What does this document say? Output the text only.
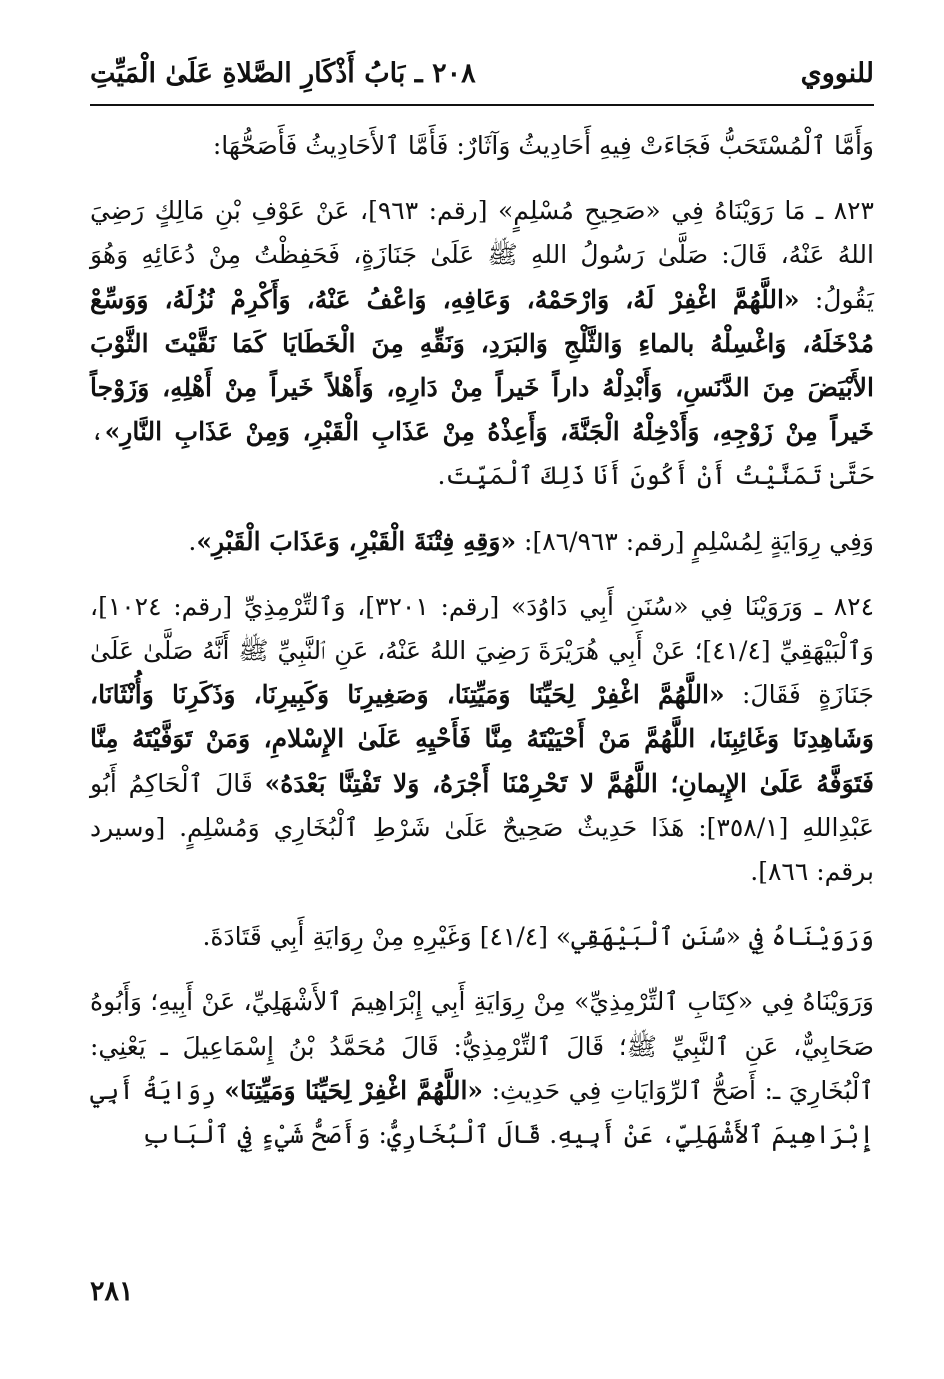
للنووي
٢٠٨ ـ بَابُ أَذْكَارِ الصَّلاةِ عَلَىٰ الْمَيِّتِ

وَأَمَّا ٱلْمُسْتَحَبُّ فَجَاءَتْ فِيهِ أَحَادِيثُ وَآثَارٌ: فَأَمَّا ٱلأَحَادِيثُ فَأَصَحُّهَا:

٨٢٣ ـ مَا رَوَيْنَاهُ فِي «صَحِيحِ مُسْلِمٍ» [رقم: ٩٦٣]، عَنْ عَوْفِ بْنِ مَالِكٍ رَضِيَ اللهُ عَنْهُ، قَالَ: صَلَّىٰ رَسُولُ اللهِ ﷺ عَلَىٰ جَنَازَةٍ، فَحَفِظْتُ مِنْ دُعَائِهِ وَهُوَ يَقُولُ: «اللَّهُمَّ اغْفِرْ لَهُ، وَارْحَمْهُ، وَعَافِهِ، وَاعْفُ عَنْهُ، وَأَكْرِمْ نُزُلَهُ، وَوَسِّعْ مُدْخَلَهُ، وَاغْسِلْهُ بالماءِ وَالثَّلْجِ وَالبَرَدِ، وَنَقِّهِ مِنَ الْخَطَايَا كَمَا نَقَّيْتَ الثَّوْبَ الأَبْيَضَ مِنَ الدَّنَسِ، وَأَبْدِلْهُ داراً خَيراً مِنْ دَارِهِ، وَأَهْلاً خَيراً مِنْ أَهْلِهِ، وَزَوْجاً خَيراً مِنْ زَوْجِهِ، وَأَدْخِلْهُ الْجَنَّةَ، وَأَعِذْهُ مِنْ عَذَابِ الْقَبْرِ، وَمِنْ عَذَابِ النَّارِ»، حَتَّىٰ تَمَنَّيْتُ أَنْ أَكُونَ أَنَا ذَلِكَ ٱلْمَيِّتَ.

وَفِي رِوَايَةٍ لِمُسْلِمٍ [رقم: ٨٦/٩٦٣]: «وَقِهِ فِتْنَةَ الْقَبْرِ، وَعَذَابَ الْقَبْرِ».

٨٢٤ ـ وَرَوَيْنَا فِي «سُنَنِ أَبِي دَاوُدَ» [رقم: ٣٢٠١]، وَٱلتِّرْمِذِيِّ [رقم: ١٠٢٤]، وَٱلْبَيْهَقِيِّ [٤١/٤]؛ عَنْ أَبِي هُرَيْرَةَ رَضِيَ اللهُ عَنْهُ، عَنِ ٱلنَّبِيِّ ﷺ أَنَّهُ صَلَّىٰ عَلَىٰ جَنَازَةٍ فَقَالَ: «اللَّهُمَّ اغْفِرْ لِحَيِّنَا وَمَيِّتِنَا، وَصَغِيرِنَا وَكَبِيرِنَا، وَذَكَرِنَا وَأُنْثَانَا، وَشَاهِدِنَا وَغَائِبِنَا، اللَّهُمَّ مَنْ أَحْيَيْتَهُ مِنَّا فَأَحْيِهِ عَلَىٰ الإِسْلامِ، وَمَنْ تَوَفَّيْتَهُ مِنَّا فَتَوَفَّهُ عَلَىٰ الإِيمانِ؛ اللَّهُمَّ لا تَحْرِمْنَا أَجْرَهُ، وَلا تَفْتِنَّا بَعْدَهُ» قَالَ ٱلْحَاكِمُ أَبُو عَبْدِاللهِ [٣٥٨/١]: هَذَا حَدِيثٌ صَحِيحٌ عَلَىٰ شَرْطِ ٱلْبُخَارِي وَمُسْلِمٍ. [وسيرد برقم: ٨٦٦].

وَرَوَيْنَاهُ فِي «سُنَنِ ٱلْبَيْهَقِي» [٤١/٤] وَغَيْرِهِ مِنْ رِوَايَةِ أَبِي قَتَادَةَ.

وَرَوَيْنَاهُ فِي «كِتَابِ ٱلتِّرْمِذِيِّ» مِنْ رِوَايَةِ أَبِي إِبْرَاهِيمَ ٱلأَشْهَلِيِّ، عَنْ أَبِيهِ؛ وَأَبُوهُ صَحَابِيٌّ، عَنِ ٱلنَّبِيِّ ﷺ؛ قَالَ ٱلتِّرْمِذِيُّ: قَالَ مُحَمَّدُ بْنُ إِسْمَاعِيلَ ـ يَعْنِي: ٱلْبُخَارِيَ ـ: أَصَحُّ ٱلرِّوَايَاتِ فِي حَدِيثِ: «اللَّهُمَّ اغْفِرْ لِحَيِّنَا وَمَيِّتِنَا» رِوَايَةُ أَبِي إِبْرَاهِيمَ ٱلأَشْهَلِيِّ، عَنْ أَبِيهِ. قَالَ ٱلْبُخَارِيُّ: وَأَصَحُّ شَيْءٍ فِي ٱلْبَابِ

٢٨١
